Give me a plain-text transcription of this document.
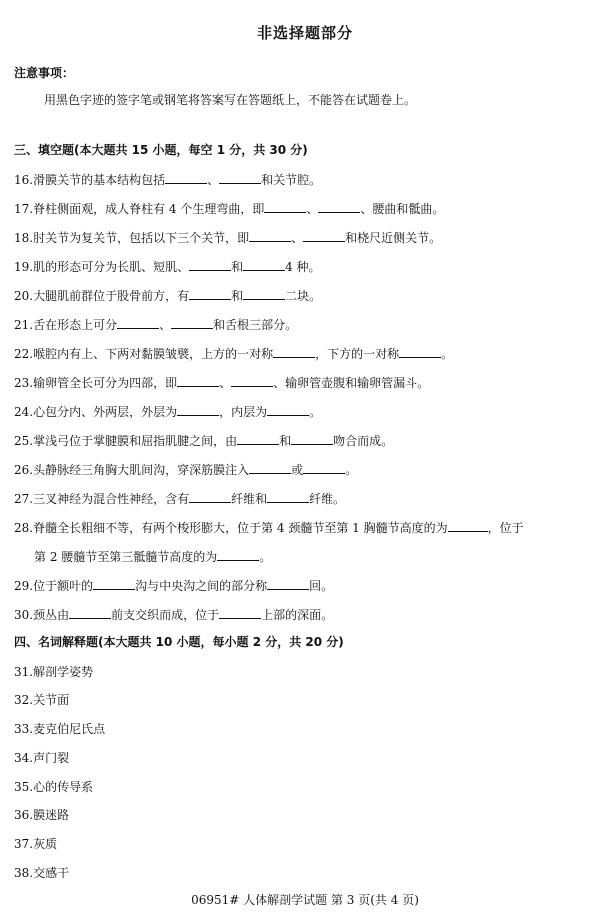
非选择题部分
注意事项：
用黑色字迹的签字笔或钢笔将答案写在答题纸上，不能答在试题卷上。
三、填空题(本大题共 15 小题，每空 1 分，共 30 分)
16.滑膜关节的基本结构包括	、	和关节腔。
17.脊柱侧面观，成人脊柱有 4 个生理弯曲，即	、	、腰曲和骶曲。
18.肘关节为复关节，包括以下三个关节，即	、	和桡尺近侧关节。
19.肌的形态可分为长肌、短肌、	和	4 种。
20.大腿肌前群位于股骨前方，有	和	二块。
21.舌在形态上可分	、	和舌根三部分。
22.喉腔内有上、下两对黏膜皱襞，上方的一对称	，下方的一对称	。
23.输卵管全长可分为四部，即	、	、输卵管壶腹和输卵管漏斗。
24.心包分内、外两层，外层为	，内层为	。
25.掌浅弓位于掌腱膜和屈指肌腱之间，由	和	吻合而成。
26.头静脉经三角胸大肌间沟，穿深筋膜注入	或	。
27.三叉神经为混合性神经，含有	纤维和	纤维。
28.脊髓全长粗细不等，有两个梭形膨大，位于第 4 颈髓节至第 1 胸髓节高度的为	，位于
第 2 腰髓节至第三骶髓节高度的为	。
29.位于额叶的	沟与中央沟之间的部分称	回。
30.颈丛由	前支交织而成，位于	上部的深面。
四、名词解释题(本大题共 10 小题，每小题 2 分，共 20 分)
31.解剖学姿势
32.关节面
33.麦克伯尼氏点
34.声门裂
35.心的传导系
36.膜迷路
37.灰质
38.交感干
06951# 人体解剖学试题 第 3 页(共 4 页)
